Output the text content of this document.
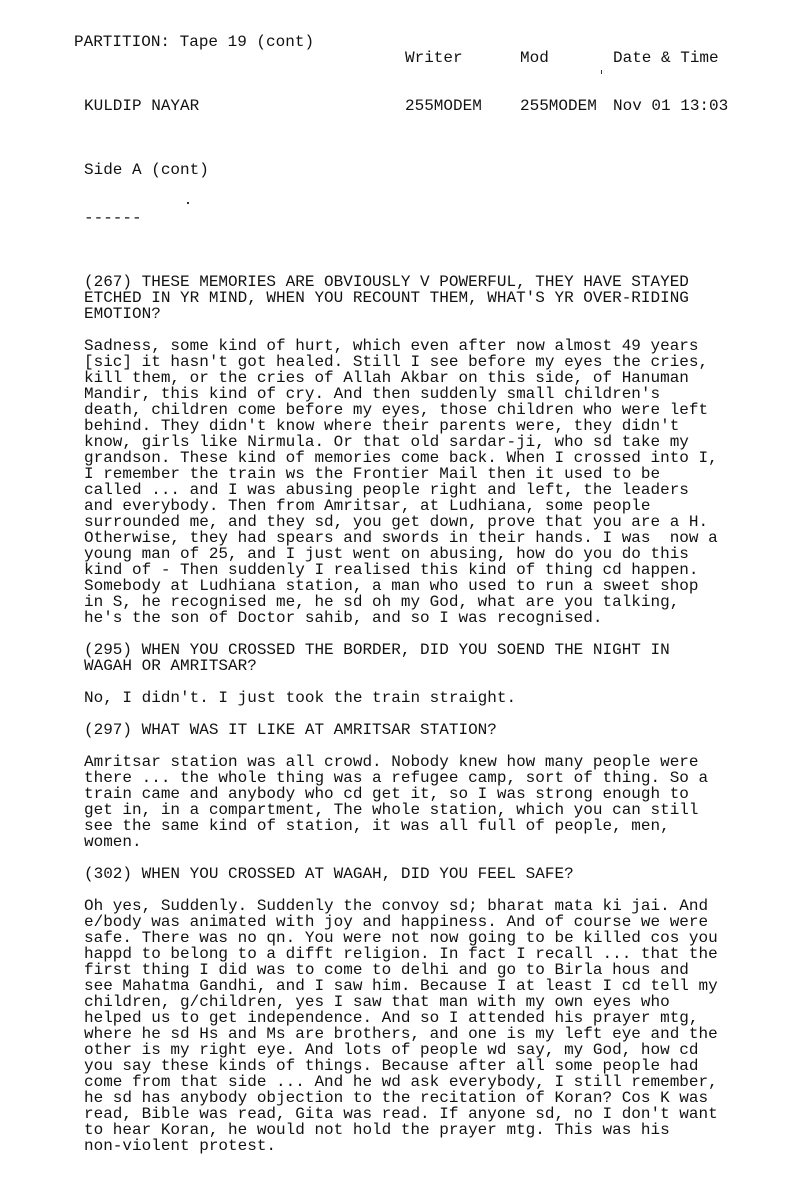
PARTITION: Tape 19 (cont)

Writer

255MODEM

Mod

255MODEM

Date & Time

Nov 01 13:03

KULDIP NAYAR

Side A (cont)

------

(267) THESE MEMORIES ARE OBVIOUSLY V POWERFUL, THEY HAVE STAYED
ETCHED IN YR MIND, WHEN YOU RECOUNT THEM, WHAT'S YR OVER-RIDING
EMOTION?
Sadness, some kind of hurt, which even after now almost 49 years
[sic] it hasn't got healed. Still I see before my eyes the cries,
kill them, or the cries of Allah Akbar on this side, of Hanuman
Mandir, this kind of cry. And then suddenly small children's
death, children come before my eyes, those children who were left
behind. They didn't know where their parents were, they didn't
know, girls like Nirmula. Or that old sardar-ji, who sd take my
grandson. These kind of memories come back. When I crossed into I,
I remember the train ws the Frontier Mail then it used to be
called ... and I was abusing people right and left, the leaders
and everybody. Then from Amritsar, at Ludhiana, some people
surrounded me, and they sd, you get down, prove that you are a H.
Otherwise, they had spears and swords in their hands. I was  now a
young man of 25, and I just went on abusing, how do you do this
kind of - Then suddenly I realised this kind of thing cd happen.
Somebody at Ludhiana station, a man who used to run a sweet shop
in S, he recognised me, he sd oh my God, what are you talking,
he's the son of Doctor sahib, and so I was recognised.
(295) WHEN YOU CROSSED THE BORDER, DID YOU SOEND THE NIGHT IN
WAGAH OR AMRITSAR?
No, I didn't. I just took the train straight.
(297) WHAT WAS IT LIKE AT AMRITSAR STATION?
Amritsar station was all crowd. Nobody knew how many people were
there ... the whole thing was a refugee camp, sort of thing. So a
train came and anybody who cd get it, so I was strong enough to
get in, in a compartment, The whole station, which you can still
see the same kind of station, it was all full of people, men,
women.
(302) WHEN YOU CROSSED AT WAGAH, DID YOU FEEL SAFE?
Oh yes, Suddenly. Suddenly the convoy sd; bharat mata ki jai. And
e/body was animated with joy and happiness. And of course we were
safe. There was no qn. You were not now going to be killed cos you
happd to belong to a difft religion. In fact I recall ... that the
first thing I did was to come to delhi and go to Birla hous and
see Mahatma Gandhi, and I saw him. Because I at least I cd tell my
children, g/children, yes I saw that man with my own eyes who
helped us to get independence. And so I attended his prayer mtg,
where he sd Hs and Ms are brothers, and one is my left eye and the
other is my right eye. And lots of people wd say, my God, how cd
you say these kinds of things. Because after all some people had
come from that side ... And he wd ask everybody, I still remember,
he sd has anybody objection to the recitation of Koran? Cos K was
read, Bible was read, Gita was read. If anyone sd, no I don't want
to hear Koran, he would not hold the prayer mtg. This was his
non-violent protest.
